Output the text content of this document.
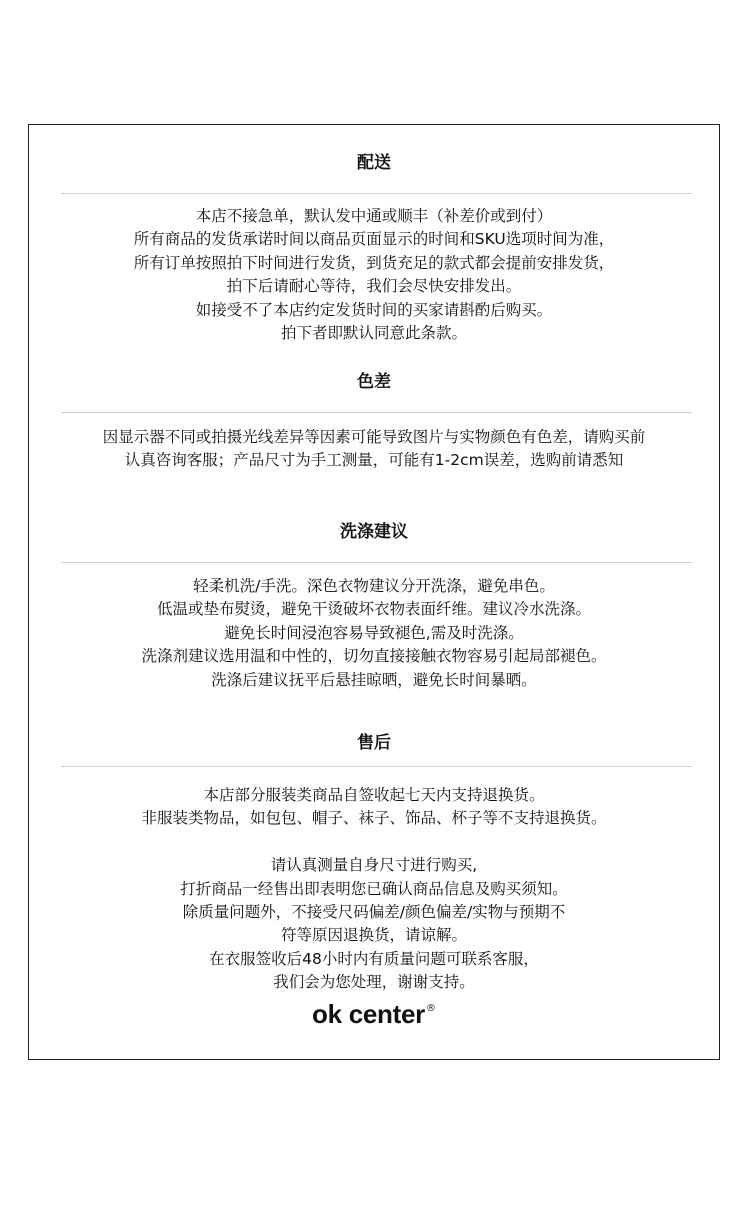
配送
本店不接急单，默认发中通或顺丰（补差价或到付）
所有商品的发货承诺时间以商品页面显示的时间和SKU选项时间为准，
所有订单按照拍下时间进行发货，到货充足的款式都会提前安排发货，
拍下后请耐心等待，我们会尽快安排发出。
如接受不了本店约定发货时间的买家请斟酌后购买。
拍下者即默认同意此条款。
色差
因显示器不同或拍摄光线差异等因素可能导致图片与实物颜色有色差，请购买前
认真咨询客服；产品尺寸为手工测量，可能有1-2cm误差，选购前请悉知
洗涤建议
轻柔机洗/手洗。深色衣物建议分开洗涤，避免串色。
低温或垫布熨烫，避免干烫破坏衣物表面纤维。建议冷水洗涤。
避免长时间浸泡容易导致褪色,需及时洗涤。
洗涤剂建议选用温和中性的，切勿直接接触衣物容易引起局部褪色。
洗涤后建议抚平后悬挂晾晒，避免长时间暴晒。
售后
本店部分服装类商品自签收起七天内支持退换货。
非服装类物品，如包包、帽子、袜子、饰品、杯子等不支持退换货。
请认真测量自身尺寸进行购买,
打折商品一经售出即表明您已确认商品信息及购买须知。
除质量问题外，不接受尺码偏差/颜色偏差/实物与预期不
符等原因退换货，请谅解。
在衣服签收后48小时内有质量问题可联系客服，
我们会为您处理，谢谢支持。
ok center®
